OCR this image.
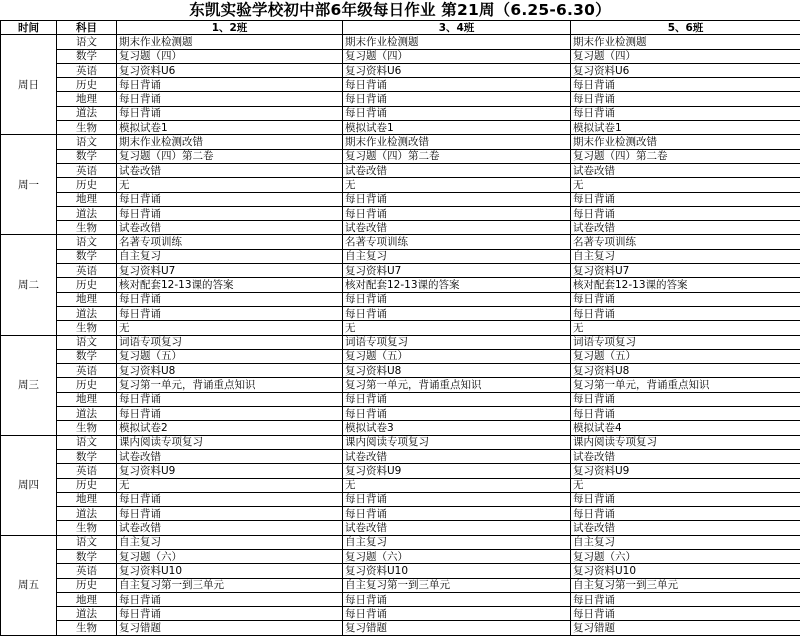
东凯实验学校初中部6年级每日作业 第21周（6.25-6.30）
时间	科目	1、2班	3、4班	5、6班
周日	语文	期末作业检测题	期末作业检测题	期末作业检测题
	数学	复习题（四）	复习题（四）	复习题（四）
	英语	复习资料U6	复习资料U6	复习资料U6
	历史	每日背诵	每日背诵	每日背诵
	地理	每日背诵	每日背诵	每日背诵
	道法	每日背诵	每日背诵	每日背诵
	生物	模拟试卷1	模拟试卷1	模拟试卷1
周一	语文	期末作业检测改错	期末作业检测改错	期末作业检测改错
	数学	复习题（四）第二卷	复习题（四）第二卷	复习题（四）第二卷
	英语	试卷改错	试卷改错	试卷改错
	历史	无	无	无
	地理	每日背诵	每日背诵	每日背诵
	道法	每日背诵	每日背诵	每日背诵
	生物	试卷改错	试卷改错	试卷改错
周二	语文	名著专项训练	名著专项训练	名著专项训练
	数学	自主复习	自主复习	自主复习
	英语	复习资料U7	复习资料U7	复习资料U7
	历史	核对配套12-13课的答案	核对配套12-13课的答案	核对配套12-13课的答案
	地理	每日背诵	每日背诵	每日背诵
	道法	每日背诵	每日背诵	每日背诵
	生物	无	无	无
周三	语文	词语专项复习	词语专项复习	词语专项复习
	数学	复习题（五）	复习题（五）	复习题（五）
	英语	复习资料U8	复习资料U8	复习资料U8
	历史	复习第一单元，背诵重点知识	复习第一单元，背诵重点知识	复习第一单元，背诵重点知识
	地理	每日背诵	每日背诵	每日背诵
	道法	每日背诵	每日背诵	每日背诵
	生物	模拟试卷2	模拟试卷3	模拟试卷4
周四	语文	课内阅读专项复习	课内阅读专项复习	课内阅读专项复习
	数学	试卷改错	试卷改错	试卷改错
	英语	复习资料U9	复习资料U9	复习资料U9
	历史	无	无	无
	地理	每日背诵	每日背诵	每日背诵
	道法	每日背诵	每日背诵	每日背诵
	生物	试卷改错	试卷改错	试卷改错
周五	语文	自主复习	自主复习	自主复习
	数学	复习题（六）	复习题（六）	复习题（六）
	英语	复习资料U10	复习资料U10	复习资料U10
	历史	自主复习第一到三单元	自主复习第一到三单元	自主复习第一到三单元
	地理	每日背诵	每日背诵	每日背诵
	道法	每日背诵	每日背诵	每日背诵
	生物	复习错题	复习错题	复习错题
